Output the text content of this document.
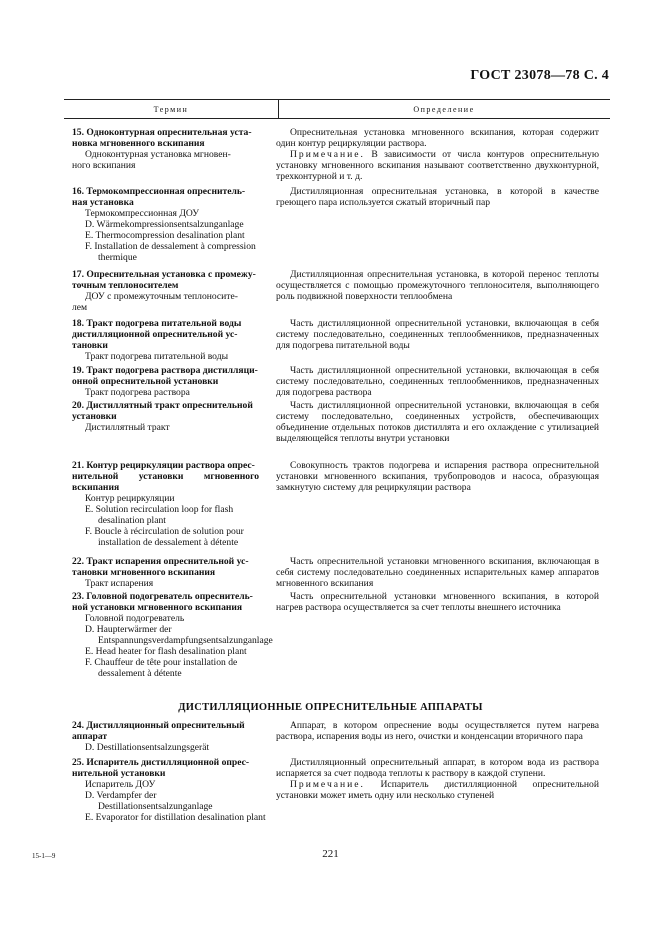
ГОСТ 23078—78 С. 4
Термин	Определение
15. Одноконтурная опреснительная уста-
новка мгновенного вскипания
Одноконтурная установка мгновен-
ного вскипания

Опреснительная установка мгновенного вскипания, которая содержит один контур рециркуляции раствора.

Примечание. В зависимости от числа контуров опреснительную установку мгновенного вскипания называют соответственно двухконтурной, трехконтурной и т. д.

16. Термокомпрессионная опреснитель-
ная установка
Термокомпрессионная ДОУ
D. Wärmekompressionsentsalzunganlage
E. Thermocompression desalination plant
F. Installation de dessalement à compression thermique

Дистилляционная опреснительная установка, в которой в качестве греющего пара используется сжатый вторичный пар

17. Опреснительная установка с промежу-
точным теплоносителем
ДОУ с промежуточным теплоносите-
лем

Дистилляционная опреснительная установка, в которой перенос теплоты осуществляется с помощью промежуточного теплоносителя, выполняющего роль подвижной поверхности теплообмена

18. Тракт подогрева питательной воды
дистилляционной опреснительной ус-
тановки
Тракт подогрева питательной воды

Часть дистилляционной опреснительной установки, включающая в себя систему последовательно, соединенных теплообменников, предназначенных для подогрева питательной воды

19. Тракт подогрева раствора дистилляци-
онной опреснительной установки
Тракт подогрева раствора

Часть дистилляционной опреснительной установки, включающая в себя систему последовательно, соединенных теплообменников, предназначенных для подогрева раствора

20. Дистиллятный тракт опреснительной
установки
Дистиллятный тракт

Часть дистилляционной опреснительной установки, включающая в себя систему последовательно, соединенных устройств, обеспечивающих объединение отдельных потоков дистиллята и его охлаждение с утилизацией выделяющейся теплоты внутри установки

21. Контур рециркуляции раствора опрес-
нительной установки мгновенного
вскипания
Контур рециркуляции
E. Solution recirculation loop for flash desalination plant
F. Boucle à récirculation de solution pour installation de dessalement à détente

Совокупность трактов подогрева и испарения раствора опреснительной установки мгновенного вскипания, трубопроводов и насоса, образующая замкнутую систему для рециркуляции раствора

22. Тракт испарения опреснительной ус-
тановки мгновенного вскипания
Тракт испарения

Часть опреснительной установки мгновенного вскипания, включающая в себя систему последовательно соединенных испарительных камер аппаратов мгновенного вскипания

23. Головной подогреватель опреснитель-
ной установки мгновенного вскипания
Головной подогреватель
D. Haupterwärmer der Entspannungsverdampfungsentsalzunganlage
E. Head heater for flash desalination plant
F. Chauffeur de tête pour installation de dessalement à détente

Часть опреснительной установки мгновенного вскипания, в которой нагрев раствора осуществляется за счет теплоты внешнего источника

ДИСТИЛЛЯЦИОННЫЕ ОПРЕСНИТЕЛЬНЫЕ АППАРАТЫ
24. Дистилляционный опреснительный
аппарат
D. Destillationsentsalzungsgerät

Аппарат, в котором опреснение воды осуществляется путем нагрева раствора, испарения воды из него, очистки и конденсации вторичного пара

25. Испаритель дистилляционной опрес-
нительной установки
Испаритель ДОУ
D. Verdampfer der Destillationsentsalzunganlage
E. Evaporator for distillation desalination plant

Дистилляционный опреснительный аппарат, в котором вода из раствора испаряется за счет подвода теплоты к раствору в каждой ступени.

Примечание. Испаритель дистилляционной опреснительной установки может иметь одну или несколько ступеней

15-1—9	221
